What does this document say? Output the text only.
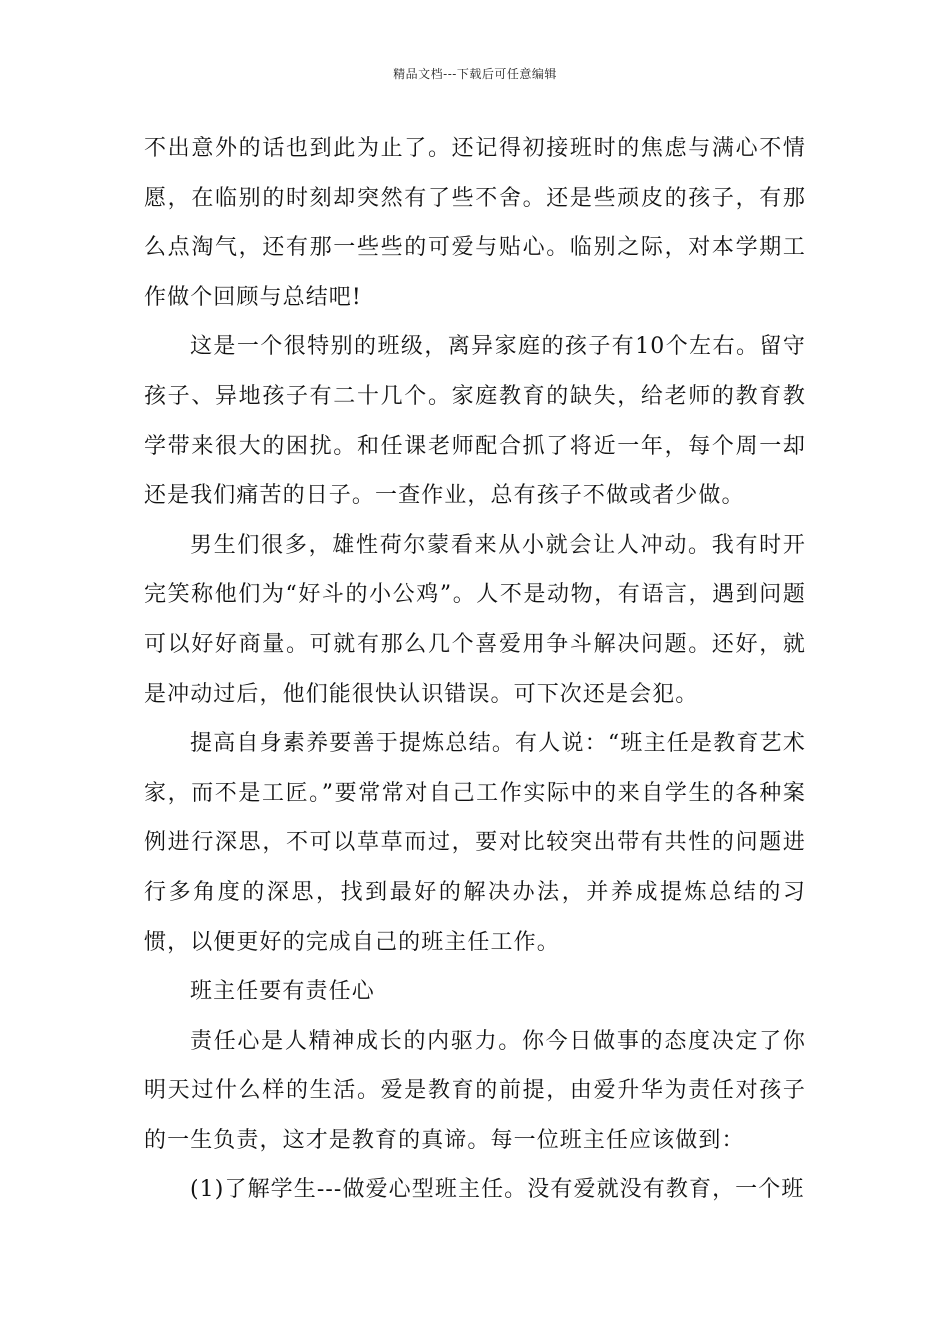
精品文档---下载后可任意编辑

不出意外的话也到此为止了。还记得初接班时的焦虑与满心不情愿，在临别的时刻却突然有了些不舍。还是些顽皮的孩子，有那么点淘气，还有那一些些的可爱与贴心。临别之际，对本学期工作做个回顾与总结吧!

这是一个很特别的班级，离异家庭的孩子有10个左右。留守孩子、异地孩子有二十几个。家庭教育的缺失，给老师的教育教学带来很大的困扰。和任课老师配合抓了将近一年，每个周一却还是我们痛苦的日子。一查作业，总有孩子不做或者少做。

男生们很多，雄性荷尔蒙看来从小就会让人冲动。我有时开完笑称他们为“好斗的小公鸡”。人不是动物，有语言，遇到问题可以好好商量。可就有那么几个喜爱用争斗解决问题。还好，就是冲动过后，他们能很快认识错误。可下次还是会犯。

提高自身素养要善于提炼总结。有人说：“班主任是教育艺术家，而不是工匠。”要常常对自己工作实际中的来自学生的各种案例进行深思，不可以草草而过，要对比较突出带有共性的问题进行多角度的深思，找到最好的解决办法，并养成提炼总结的习惯，以便更好的完成自己的班主任工作。

班主任要有责任心

责任心是人精神成长的内驱力。你今日做事的态度决定了你明天过什么样的生活。爱是教育的前提，由爱升华为责任对孩子的一生负责，这才是教育的真谛。每一位班主任应该做到：

(1)了解学生---做爱心型班主任。没有爱就没有教育，一个班
